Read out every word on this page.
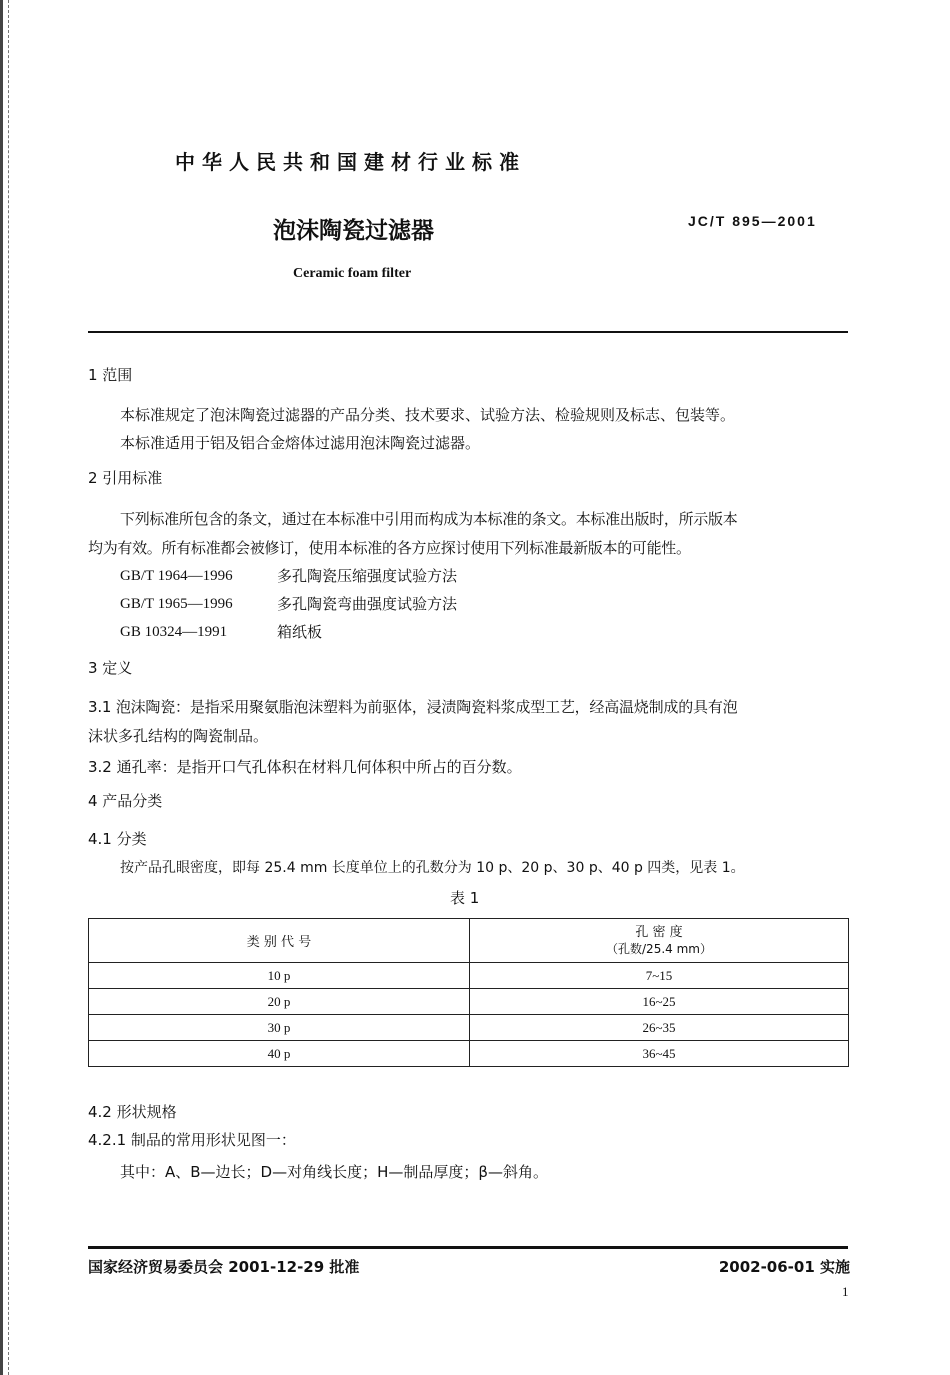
中华人民共和国建材行业标准
泡沫陶瓷过滤器	JC/T 895—2001
Ceramic foam filter
1 范围
本标准规定了泡沫陶瓷过滤器的产品分类、技术要求、试验方法、检验规则及标志、包装等。
本标准适用于铝及铝合金熔体过滤用泡沫陶瓷过滤器。
2 引用标准
下列标准所包含的条文，通过在本标准中引用而构成为本标准的条文。本标准出版时，所示版本
均为有效。所有标准都会被修订，使用本标准的各方应探讨使用下列标准最新版本的可能性。
GB/T 1964—1996	多孔陶瓷压缩强度试验方法
GB/T 1965—1996	多孔陶瓷弯曲强度试验方法
GB 10324—1991	箱纸板
3 定义
3.1 泡沫陶瓷：是指采用聚氨脂泡沫塑料为前驱体，浸渍陶瓷料浆成型工艺，经高温烧制成的具有泡
沫状多孔结构的陶瓷制品。
3.2 通孔率：是指开口气孔体积在材料几何体积中所占的百分数。
4 产品分类
4.1 分类
按产品孔眼密度，即每 25.4 mm 长度单位上的孔数分为 10 p、20 p、30 p、40 p 四类，见表 1。
表 1
类 别 代 号	孔 密 度
（孔数/25.4 mm）

10 p	7~15
20 p	16~25
30 p	26~35
40 p	36~45
4.2 形状规格
4.2.1 制品的常用形状见图一：
其中：A、B—边长；D—对角线长度；H—制品厚度；β—斜角。
国家经济贸易委员会 2001-12-29 批准	2002-06-01 实施
1
